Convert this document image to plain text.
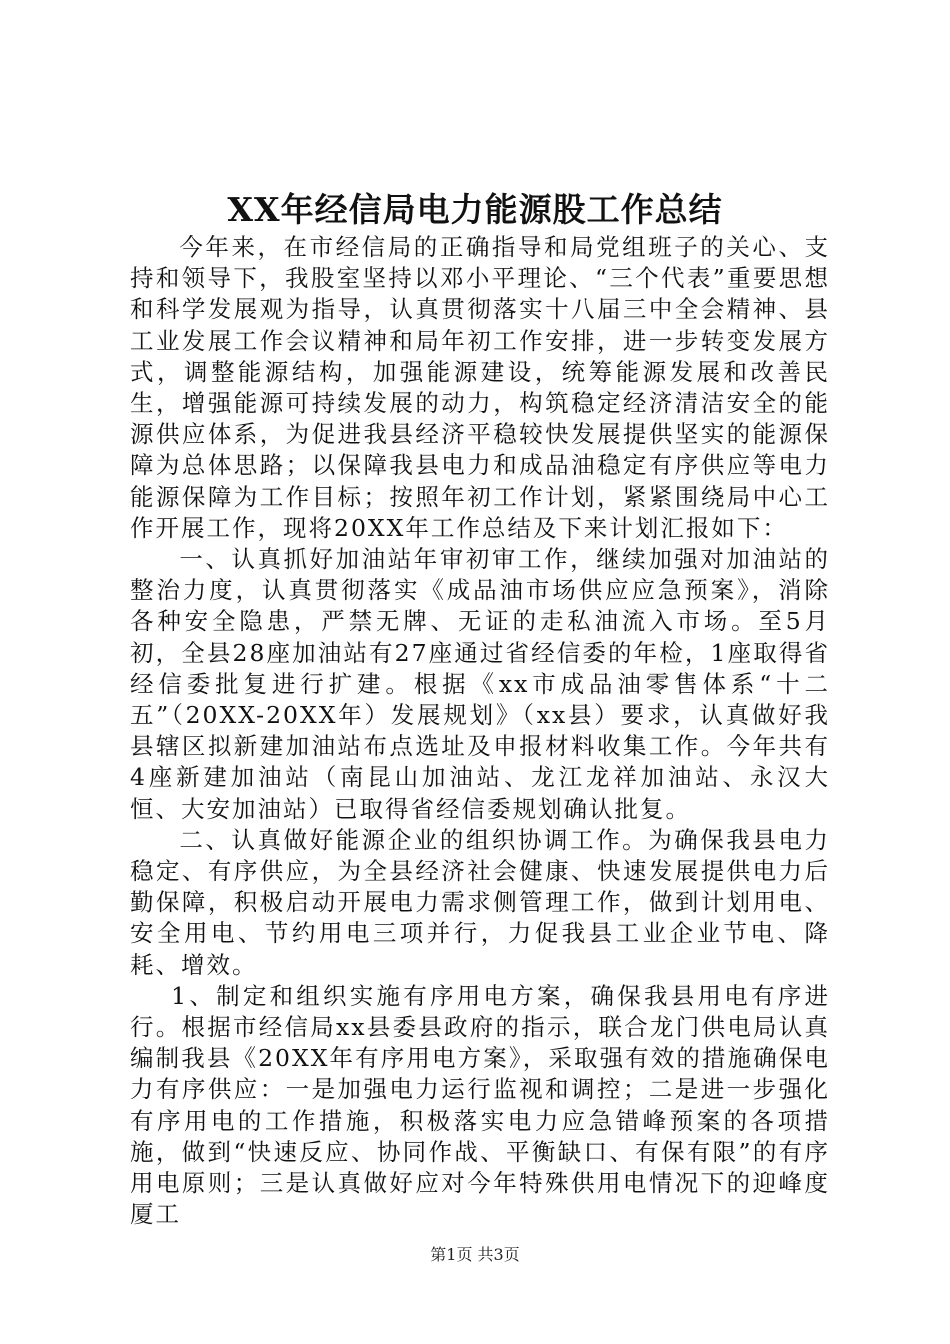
XX年经信局电力能源股工作总结

今年来，在市经信局的正确指导和局党组班子的关心、支持和领导下，我股室坚持以邓小平理论、“三个代表”重要思想和科学发展观为指导，认真贯彻落实十八届三中全会精神、县工业发展工作会议精神和局年初工作安排，进一步转变发展方式，调整能源结构，加强能源建设，统筹能源发展和改善民生，增强能源可持续发展的动力，构筑稳定经济清洁安全的能源供应体系，为促进我县经济平稳较快发展提供坚实的能源保障为总体思路；以保障我县电力和成品油稳定有序供应等电力能源保障为工作目标；按照年初工作计划，紧紧围绕局中心工作开展工作，现将20XX年工作总结及下来计划汇报如下：

一、认真抓好加油站年审初审工作，继续加强对加油站的整治力度，认真贯彻落实《成品油市场供应应急预案》，消除各种安全隐患，严禁无牌、无证的走私油流入市场。至5月初，全县28座加油站有27座通过省经信委的年检，1座取得省经信委批复进行扩建。根据《xx市成品油零售体系“十二五”（20XX-20XX年）发展规划》（xx县）要求，认真做好我县辖区拟新建加油站布点选址及申报材料收集工作。今年共有4座新建加油站（南昆山加油站、龙江龙祥加油站、永汉大恒、大安加油站）已取得省经信委规划确认批复。

二、认真做好能源企业的组织协调工作。为确保我县电力稳定、有序供应，为全县经济社会健康、快速发展提供电力后勤保障，积极启动开展电力需求侧管理工作，做到计划用电、安全用电、节约用电三项并行，力促我县工业企业节电、降耗、增效。

1、制定和组织实施有序用电方案，确保我县用电有序进行。根据市经信局xx县委县政府的指示，联合龙门供电局认真编制我县《20XX年有序用电方案》，采取强有效的措施确保电力有序供应：一是加强电力运行监视和调控；二是进一步强化有序用电的工作措施，积极落实电力应急错峰预案的各项措施，做到“快速反应、协同作战、平衡缺口、有保有限”的有序用电原则；三是认真做好应对今年特殊供用电情况下的迎峰度厦工

第1页 共3页
